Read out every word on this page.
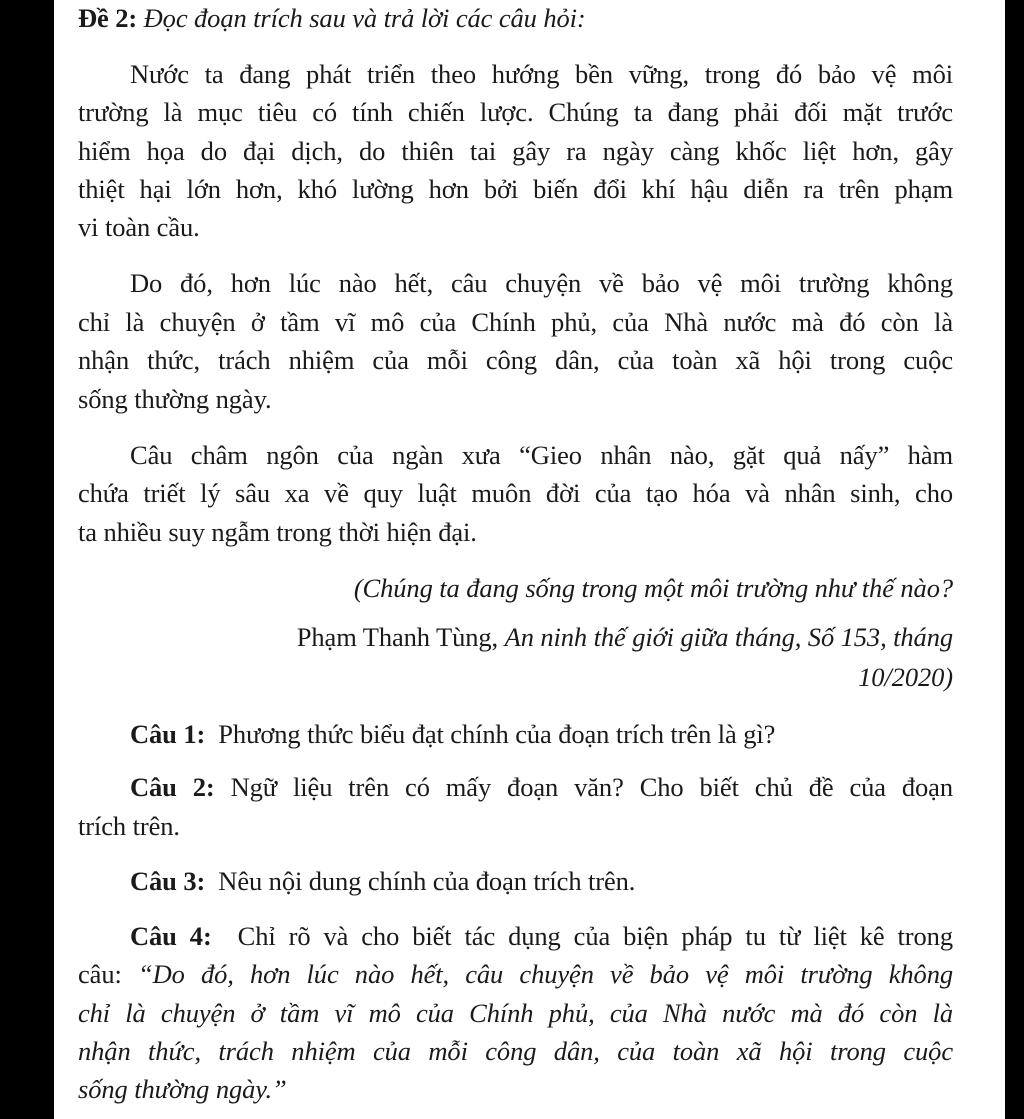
Đề 2: Đọc đoạn trích sau và trả lời các câu hỏi:
Nước ta đang phát triển theo hướng bền vững, trong đó bảo vệ môi
trường là mục tiêu có tính chiến lược. Chúng ta đang phải đối mặt trước
hiểm họa do đại dịch, do thiên tai gây ra ngày càng khốc liệt hơn, gây
thiệt hại lớn hơn, khó lường hơn bởi biến đổi khí hậu diễn ra trên phạm
vi toàn cầu.
Do đó, hơn lúc nào hết, câu chuyện về bảo vệ môi trường không
chỉ là chuyện ở tầm vĩ mô của Chính phủ, của Nhà nước mà đó còn là
nhận thức, trách nhiệm của mỗi công dân, của toàn xã hội trong cuộc
sống thường ngày.
Câu châm ngôn của ngàn xưa “Gieo nhân nào, gặt quả nấy” hàm
chứa triết lý sâu xa về quy luật muôn đời của tạo hóa và nhân sinh, cho
ta nhiều suy ngẫm trong thời hiện đại.
(Chúng ta đang sống trong một môi trường như thế nào?
Phạm Thanh Tùng, An ninh thế giới giữa tháng, Số 153, tháng
10/2020)
Câu 1: Phương thức biểu đạt chính của đoạn trích trên là gì?
Câu 2: Ngữ liệu trên có mấy đoạn văn? Cho biết chủ đề của đoạn
trích trên.
Câu 3: Nêu nội dung chính của đoạn trích trên.
Câu 4: Chỉ rõ và cho biết tác dụng của biện pháp tu từ liệt kê trong
câu: “Do đó, hơn lúc nào hết, câu chuyện về bảo vệ môi trường không
chỉ là chuyện ở tầm vĩ mô của Chính phủ, của Nhà nước mà đó còn là
nhận thức, trách nhiệm của mỗi công dân, của toàn xã hội trong cuộc
sống thường ngày.”
